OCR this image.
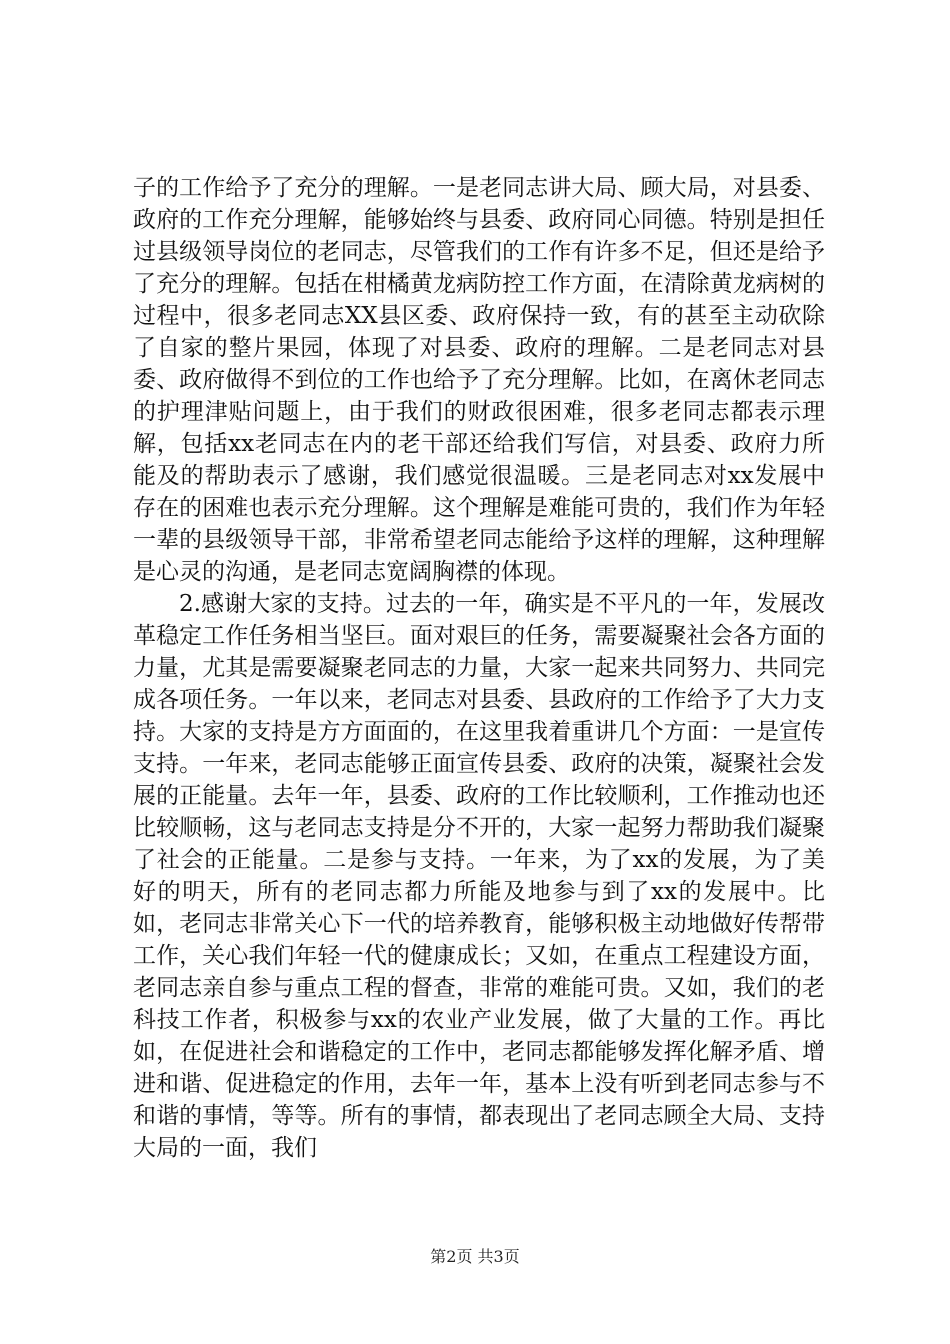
子的工作给予了充分的理解。一是老同志讲大局、顾大局，对县委、政府的工作充分理解，能够始终与县委、政府同心同德。特别是担任过县级领导岗位的老同志，尽管我们的工作有许多不足，但还是给予了充分的理解。包括在柑橘黄龙病防控工作方面，在清除黄龙病树的过程中，很多老同志XX县区委、政府保持一致，有的甚至主动砍除了自家的整片果园，体现了对县委、政府的理解。二是老同志对县委、政府做得不到位的工作也给予了充分理解。比如，在离休老同志的护理津贴问题上，由于我们的财政很困难，很多老同志都表示理解，包括xx老同志在内的老干部还给我们写信，对县委、政府力所能及的帮助表示了感谢，我们感觉很温暖。三是老同志对xx发展中存在的困难也表示充分理解。这个理解是难能可贵的，我们作为年轻一辈的县级领导干部，非常希望老同志能给予这样的理解，这种理解是心灵的沟通，是老同志宽阔胸襟的体现。

2.感谢大家的支持。过去的一年，确实是不平凡的一年，发展改革稳定工作任务相当坚巨。面对艰巨的任务，需要凝聚社会各方面的力量，尤其是需要凝聚老同志的力量，大家一起来共同努力、共同完成各项任务。一年以来，老同志对县委、县政府的工作给予了大力支持。大家的支持是方方面面的，在这里我着重讲几个方面：一是宣传支持。一年来，老同志能够正面宣传县委、政府的决策，凝聚社会发展的正能量。去年一年，县委、政府的工作比较顺利，工作推动也还比较顺畅，这与老同志支持是分不开的，大家一起努力帮助我们凝聚了社会的正能量。二是参与支持。一年来，为了xx的发展，为了美好的明天，所有的老同志都力所能及地参与到了xx的发展中。比如，老同志非常关心下一代的培养教育，能够积极主动地做好传帮带工作，关心我们年轻一代的健康成长；又如，在重点工程建设方面，老同志亲自参与重点工程的督查，非常的难能可贵。又如，我们的老科技工作者，积极参与xx的农业产业发展，做了大量的工作。再比如，在促进社会和谐稳定的工作中，老同志都能够发挥化解矛盾、增进和谐、促进稳定的作用，去年一年，基本上没有听到老同志参与不和谐的事情，等等。所有的事情，都表现出了老同志顾全大局、支持大局的一面，我们

第2页 共3页
